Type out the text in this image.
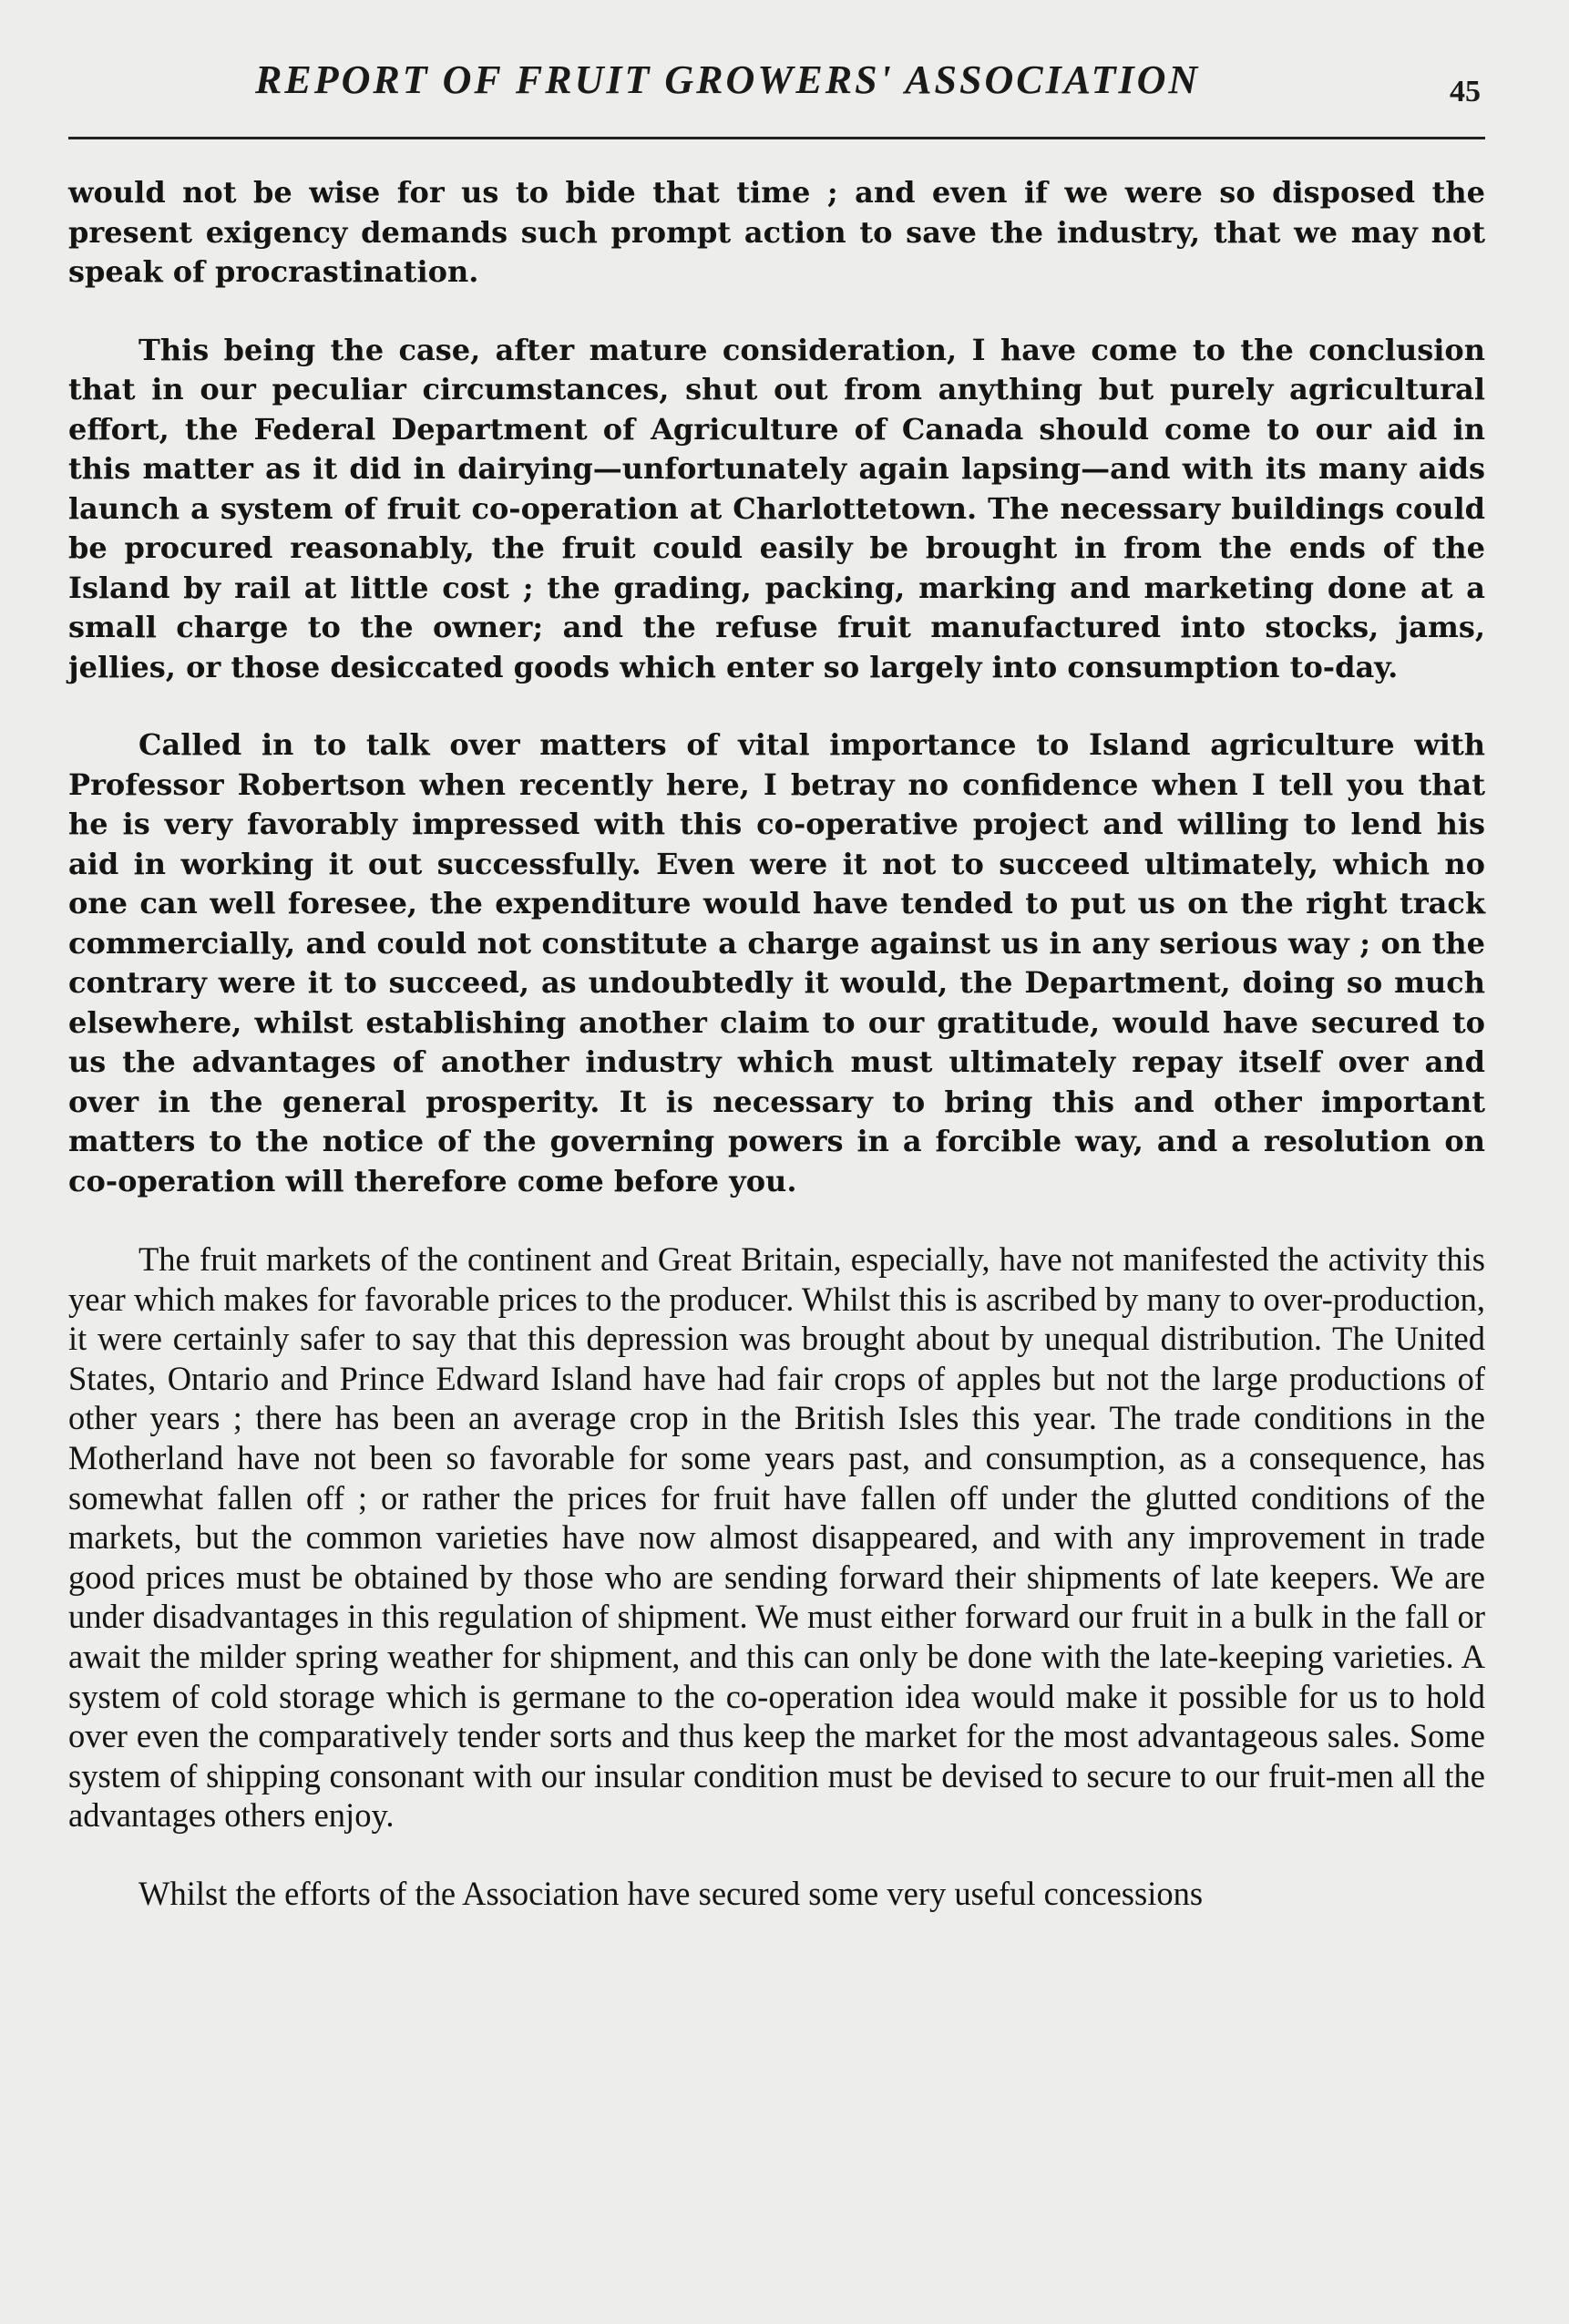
REPORT OF FRUIT GROWERS' ASSOCIATION	45

would not be wise for us to bide that time ; and even if we were so disposed the present exigency demands such prompt action to save the industry, that we may not speak of procrastination.

This being the case, after mature consideration, I have come to the conclusion that in our peculiar circumstances, shut out from anything but purely agricultural effort, the Federal Department of Agriculture of Canada should come to our aid in this matter as it did in dairying—unfortunately again lapsing—and with its many aids launch a system of fruit co-operation at Charlottetown. The necessary buildings could be procured reasonably, the fruit could easily be brought in from the ends of the Island by rail at little cost ; the grading, packing, marking and marketing done at a small charge to the owner; and the refuse fruit manufactured into stocks, jams, jellies, or those desiccated goods which enter so largely into consumption to-day.

Called in to talk over matters of vital importance to Island agriculture with Professor Robertson when recently here, I betray no confidence when I tell you that he is very favorably impressed with this co-operative project and willing to lend his aid in working it out successfully. Even were it not to succeed ultimately, which no one can well foresee, the expenditure would have tended to put us on the right track commercially, and could not constitute a charge against us in any serious way ; on the contrary were it to succeed, as undoubtedly it would, the Department, doing so much elsewhere, whilst establishing another claim to our gratitude, would have secured to us the advantages of another industry which must ultimately repay itself over and over in the general prosperity. It is necessary to bring this and other important matters to the notice of the governing powers in a forcible way, and a resolution on co-operation will therefore come before you.

The fruit markets of the continent and Great Britain, especially, have not manifested the activity this year which makes for favorable prices to the producer. Whilst this is ascribed by many to over-production, it were certainly safer to say that this depression was brought about by unequal distribution. The United States, Ontario and Prince Edward Island have had fair crops of apples but not the large productions of other years ; there has been an average crop in the British Isles this year. The trade conditions in the Motherland have not been so favorable for some years past, and consumption, as a consequence, has somewhat fallen off ; or rather the prices for fruit have fallen off under the glutted conditions of the markets, but the common varieties have now almost disappeared, and with any improvement in trade good prices must be obtained by those who are sending forward their shipments of late keepers. We are under disadvantages in this regulation of shipment. We must either forward our fruit in a bulk in the fall or await the milder spring weather for shipment, and this can only be done with the late-keeping varieties. A system of cold storage which is germane to the co-operation idea would make it possible for us to hold over even the comparatively tender sorts and thus keep the market for the most advantageous sales. Some system of shipping consonant with our insular condition must be devised to secure to our fruit-men all the advantages others enjoy.

Whilst the efforts of the Association have secured some very useful concessions
